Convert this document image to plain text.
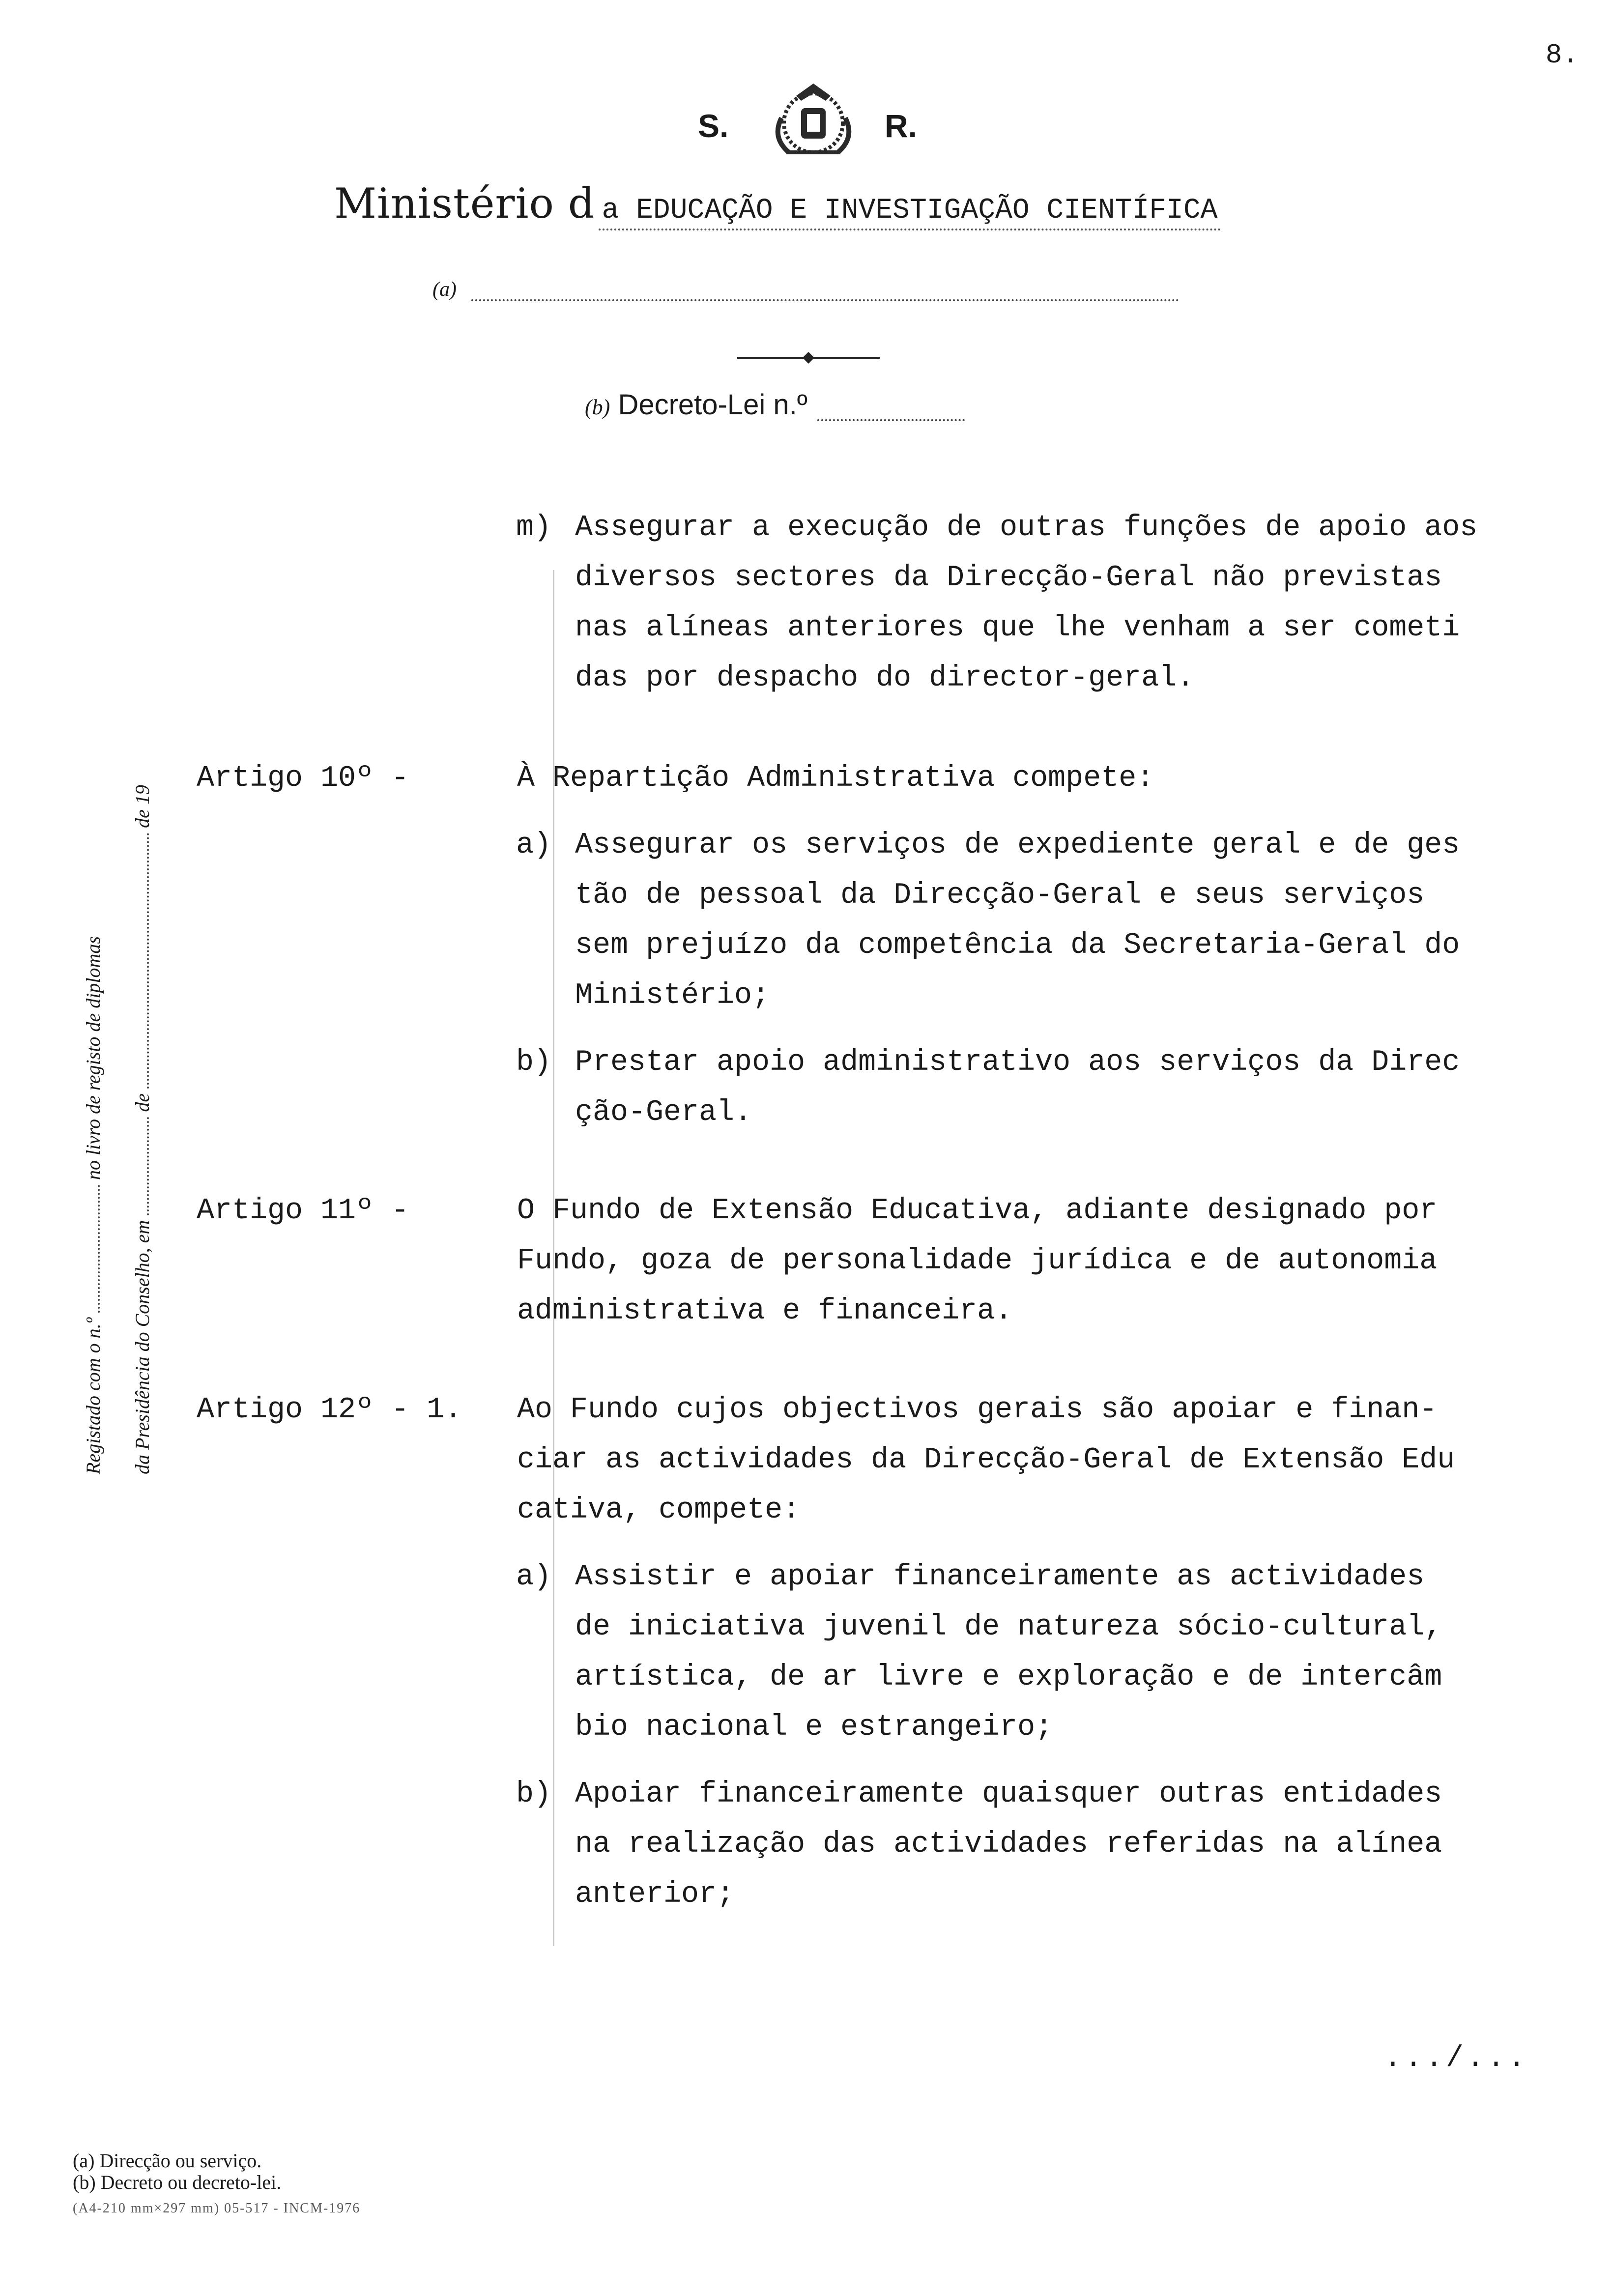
8.
S.	R.
Ministério d a EDUCAÇÃO E INVESTIGAÇÃO CIENTÍFICA
(a)
(b) Decreto-Lei n.º
Registado com o n.º  no livro de registo de diplomas
da Presidência do Conselho, em  de  de 19
m) Assegurar a execução de outras funções de apoio aos
diversos sectores da Direcção-Geral não previstas
nas alíneas anteriores que lhe venham a ser cometi
das por despacho do director-geral.
Artigo 10º -	À Repartição Administrativa compete:
a) Assegurar os serviços de expediente geral e de ges
tão de pessoal da Direcção-Geral e seus serviços
sem prejuízo da competência da Secretaria-Geral do
Ministério;
b) Prestar apoio administrativo aos serviços da Direc
ção-Geral.
Artigo 11º -	O Fundo de Extensão Educativa, adiante designado por
Fundo, goza de personalidade jurídica e de autonomia
administrativa e financeira.
Artigo 12º - 1. Ao Fundo cujos objectivos gerais são apoiar e finan-
ciar as actividades da Direcção-Geral de Extensão Edu
cativa, compete:
a) Assistir e apoiar financeiramente as actividades
de iniciativa juvenil de natureza sócio-cultural,
artística, de ar livre e exploração e de intercâm
bio nacional e estrangeiro;
b) Apoiar financeiramente quaisquer outras entidades
na realização das actividades referidas na alínea
anterior;
.../...
(a) Direcção ou serviço.
(b) Decreto ou decreto-lei.
(A4-210 mm×297 mm) 05-517 - INCM-1976
